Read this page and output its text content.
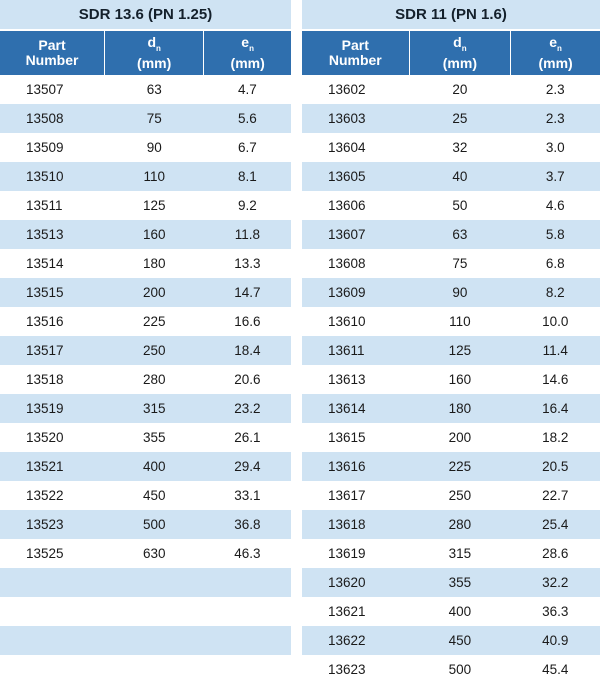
SDR 13.6 (PN 1.25)
Part
Number
$d_n$
(mm)
$e_n$
(mm)
13507	63	4.7
13508	75	5.6
13509	90	6.7
13510	110	8.1
13511	125	9.2
13513	160	11.8
13514	180	13.3
13515	200	14.7
13516	225	16.6
13517	250	18.4
13518	280	20.6
13519	315	23.2
13520	355	26.1
13521	400	29.4
13522	450	33.1
13523	500	36.8
13525	630	46.3
SDR 11 (PN 1.6)
Part
Number
$d_n$
(mm)
$e_n$
(mm)
13602	20	2.3
13603	25	2.3
13604	32	3.0
13605	40	3.7
13606	50	4.6
13607	63	5.8
13608	75	6.8
13609	90	8.2
13610	110	10.0
13611	125	11.4
13613	160	14.6
13614	180	16.4
13615	200	18.2
13616	225	20.5
13617	250	22.7
13618	280	25.4
13619	315	28.6
13620	355	32.2
13621	400	36.3
13622	450	40.9
13623	500	45.4
